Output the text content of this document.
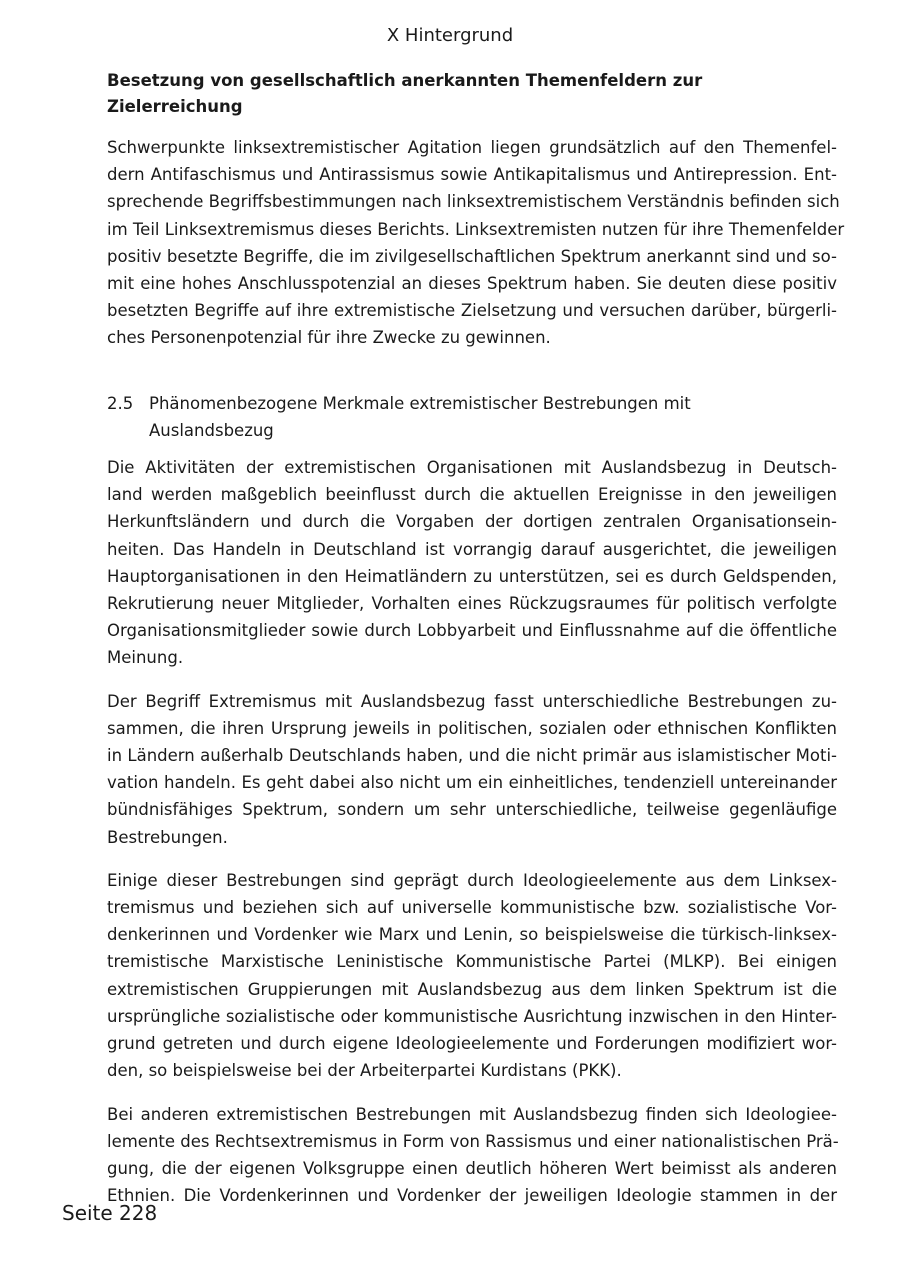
X Hintergrund
Besetzung von gesellschaftlich anerkannten Themenfeldern zur Zielerreichung

Schwerpunkte linksextremistischer Agitation liegen grundsätzlich auf den Themenfel-
dern Antifaschismus und Antirassismus sowie Antikapitalismus und Antirepression. Ent-
sprechende Begriffsbestimmungen nach linksextremistischem Verständnis befinden sich
im Teil Linksextremismus dieses Berichts. Linksextremisten nutzen für ihre Themenfelder
positiv besetzte Begriffe, die im zivilgesellschaftlichen Spektrum anerkannt sind und so-
mit eine hohes Anschlusspotenzial an dieses Spektrum haben. Sie deuten diese positiv
besetzten Begriffe auf ihre extremistische Zielsetzung und versuchen darüber, bürgerli-
ches Personenpotenzial für ihre Zwecke zu gewinnen.

2.5 Phänomenbezogene Merkmale extremistischer Bestrebungen mit
Auslandsbezug

Die Aktivitäten der extremistischen Organisationen mit Auslandsbezug in Deutsch-
land werden maßgeblich beeinflusst durch die aktuellen Ereignisse in den jeweiligen
Herkunftsländern und durch die Vorgaben der dortigen zentralen Organisationsein-
heiten. Das Handeln in Deutschland ist vorrangig darauf ausgerichtet, die jeweiligen
Hauptorganisationen in den Heimatländern zu unterstützen, sei es durch Geldspenden,
Rekrutierung neuer Mitglieder, Vorhalten eines Rückzugsraumes für politisch verfolgte
Organisationsmitglieder sowie durch Lobbyarbeit und Einflussnahme auf die öffentliche
Meinung.

Der Begriff Extremismus mit Auslandsbezug fasst unterschiedliche Bestrebungen zu-
sammen, die ihren Ursprung jeweils in politischen, sozialen oder ethnischen Konflikten
in Ländern außerhalb Deutschlands haben, und die nicht primär aus islamistischer Moti-
vation handeln. Es geht dabei also nicht um ein einheitliches, tendenziell untereinander
bündnisfähiges Spektrum, sondern um sehr unterschiedliche, teilweise gegenläufige
Bestrebungen.

Einige dieser Bestrebungen sind geprägt durch Ideologieelemente aus dem Linksex-
tremismus und beziehen sich auf universelle kommunistische bzw. sozialistische Vor-
denkerinnen und Vordenker wie Marx und Lenin, so beispielsweise die türkisch-linksex-
tremistische Marxistische Leninistische Kommunistische Partei (MLKP). Bei einigen
extremistischen Gruppierungen mit Auslandsbezug aus dem linken Spektrum ist die
ursprüngliche sozialistische oder kommunistische Ausrichtung inzwischen in den Hinter-
grund getreten und durch eigene Ideologieelemente und Forderungen modifiziert wor-
den, so beispielsweise bei der Arbeiterpartei Kurdistans (PKK).

Bei anderen extremistischen Bestrebungen mit Auslandsbezug finden sich Ideologiee-
lemente des Rechtsextremismus in Form von Rassismus und einer nationalistischen Prä-
gung, die der eigenen Volksgruppe einen deutlich höheren Wert beimisst als anderen
Ethnien. Die Vordenkerinnen und Vordenker der jeweiligen Ideologie stammen in der

Seite 228
